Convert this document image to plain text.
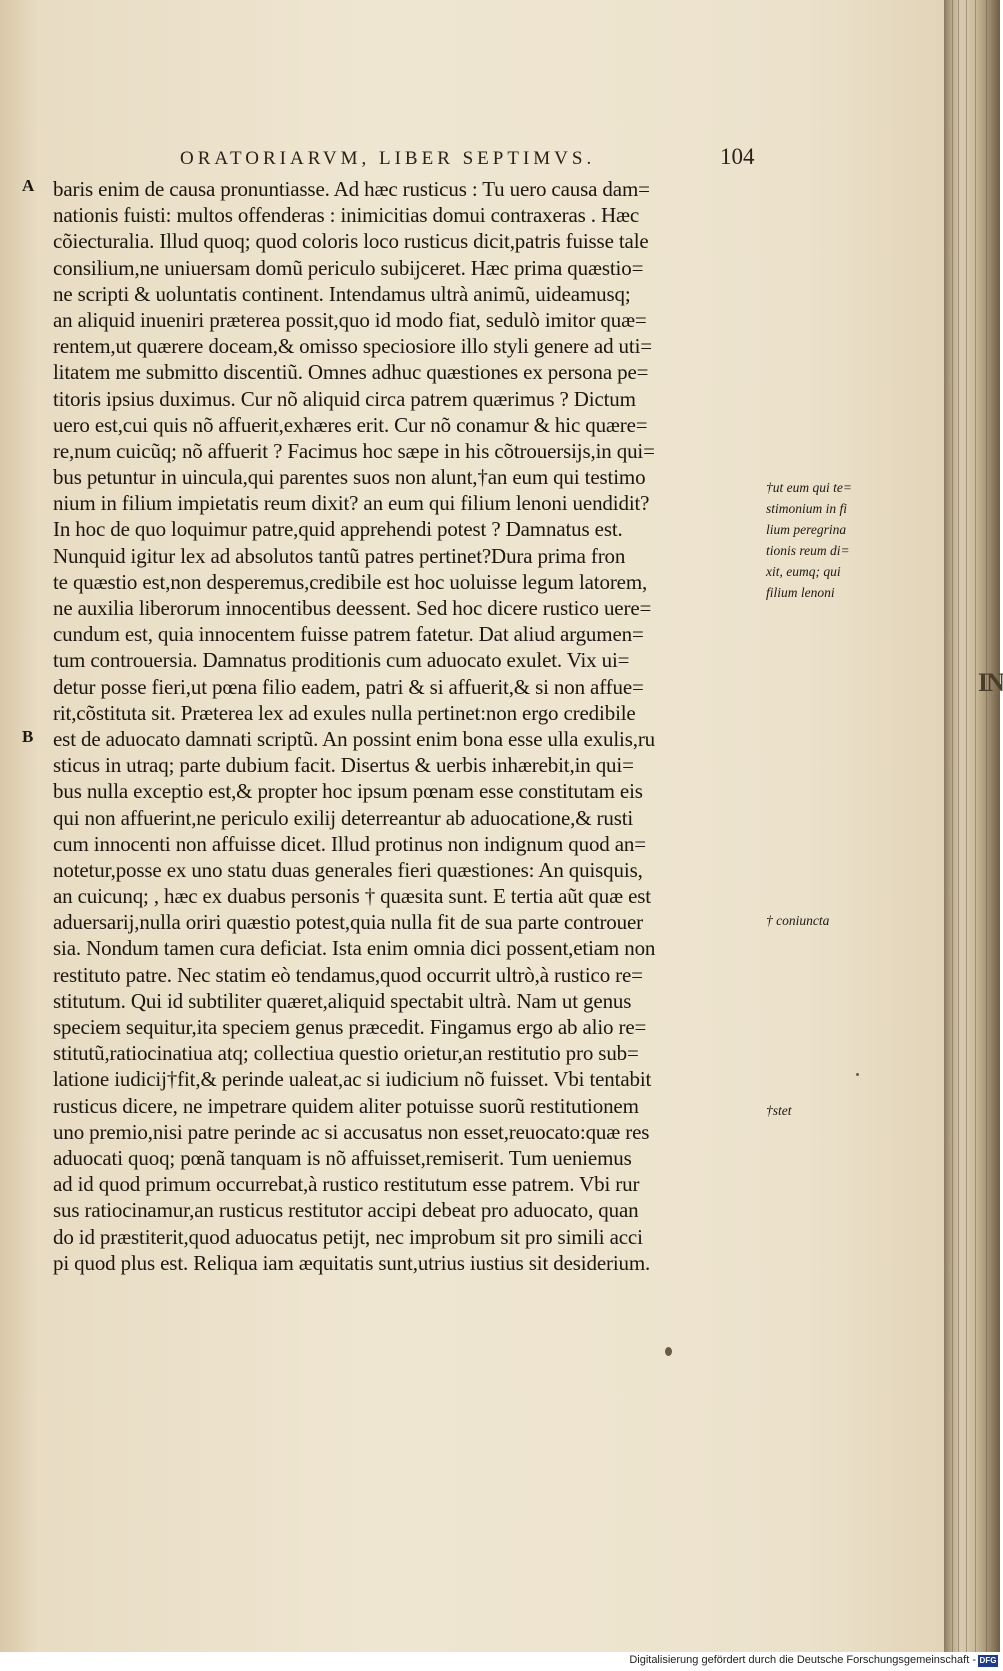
ORATORIARVM, LIBER SEPTIMVS.	104
A
B
baris enim de causa pronuntiasse. Ad hæc rusticus : Tu uero causa dam=
nationis fuisti: multos offenderas : inimicitias domui contraxeras . Hæc
cõiecturalia. Illud quoq; quod coloris loco rusticus dicit,patris fuisse tale
consilium,ne uniuersam domũ periculo subijceret. Hæc prima quæstio=
ne scripti & uoluntatis continent. Intendamus ultrà animũ, uideamusq;
an aliquid inueniri præterea possit,quo id modo fiat, sedulò imitor quæ=
rentem,ut quærere doceam,& omisso speciosiore illo styli genere ad uti=
litatem me submitto discentiũ. Omnes adhuc quæstiones ex persona pe=
titoris ipsius duximus. Cur nõ aliquid circa patrem quærimus ? Dictum
uero est,cui quis nõ affuerit,exhæres erit. Cur nõ conamur & hic quære=
re,num cuicũq; nõ affuerit ? Facimus hoc sæpe in his cõtrouersijs,in qui=
bus petuntur in uincula,qui parentes suos non alunt,†an eum qui testimo
nium in filium impietatis reum dixit? an eum qui filium lenoni uendidit?
In hoc de quo loquimur patre,quid apprehendi potest ? Damnatus est.
Nunquid igitur lex ad absolutos tantũ patres pertinet?Dura prima fron
te quæstio est,non desperemus,credibile est hoc uoluisse legum latorem,
ne auxilia liberorum innocentibus deessent. Sed hoc dicere rustico uere=
cundum est, quia innocentem fuisse patrem fatetur. Dat aliud argumen=
tum controuersia. Damnatus proditionis cum aduocato exulet. Vix ui=
detur posse fieri,ut pœna filio eadem, patri & si affuerit,& si non affue=
rit,cõstituta sit. Præterea lex ad exules nulla pertinet:non ergo credibile
est de aduocato damnati scriptũ. An possint enim bona esse ulla exulis,ru
sticus in utraq; parte dubium facit. Disertus & uerbis inhærebit,in qui=
bus nulla exceptio est,& propter hoc ipsum pœnam esse constitutam eis
qui non affuerint,ne periculo exilij deterreantur ab aduocatione,& rusti
cum innocenti non affuisse dicet. Illud protinus non indignum quod an=
notetur,posse ex uno statu duas generales fieri quæstiones: An quisquis,
an cuicunq; , hæc ex duabus personis † quæsita sunt. E tertia aũt quæ est
aduersarij,nulla oriri quæstio potest,quia nulla fit de sua parte controuer
sia. Nondum tamen cura deficiat. Ista enim omnia dici possent,etiam non
restituto patre. Nec statim eò tendamus,quod occurrit ultrò,à rustico re=
stitutum. Qui id subtiliter quæret,aliquid spectabit ultrà. Nam ut genus
speciem sequitur,ita speciem genus præcedit. Fingamus ergo ab alio re=
stitutũ,ratiocinatiua atq; collectiua questio orietur,an restitutio pro sub=
latione iudicij†fit,& perinde ualeat,ac si iudicium nõ fuisset. Vbi tentabit
rusticus dicere, ne impetrare quidem aliter potuisse suorũ restitutionem
uno premio,nisi patre perinde ac si accusatus non esset,reuocato:quæ res
aduocati quoq; pœnã tanquam is nõ affuisset,remiserit. Tum ueniemus
ad id quod primum occurrebat,à rustico restitutum esse patrem. Vbi rur
sus ratiocinamur,an rusticus restitutor accipi debeat pro aduocato, quan
do id præstiterit,quod aduocatus petijt, nec improbum sit pro simili acci
pi quod plus est. Reliqua iam æquitatis sunt,utrius iustius sit desiderium.
†ut eum qui te=
stimonium in fi
lium peregrina
tionis reum di=
xit, eumq; qui
filium lenoni
† coniuncta
†stet
IN
Digitalisierung gefördert durch die Deutsche Forschungsgemeinschaft - DFG
